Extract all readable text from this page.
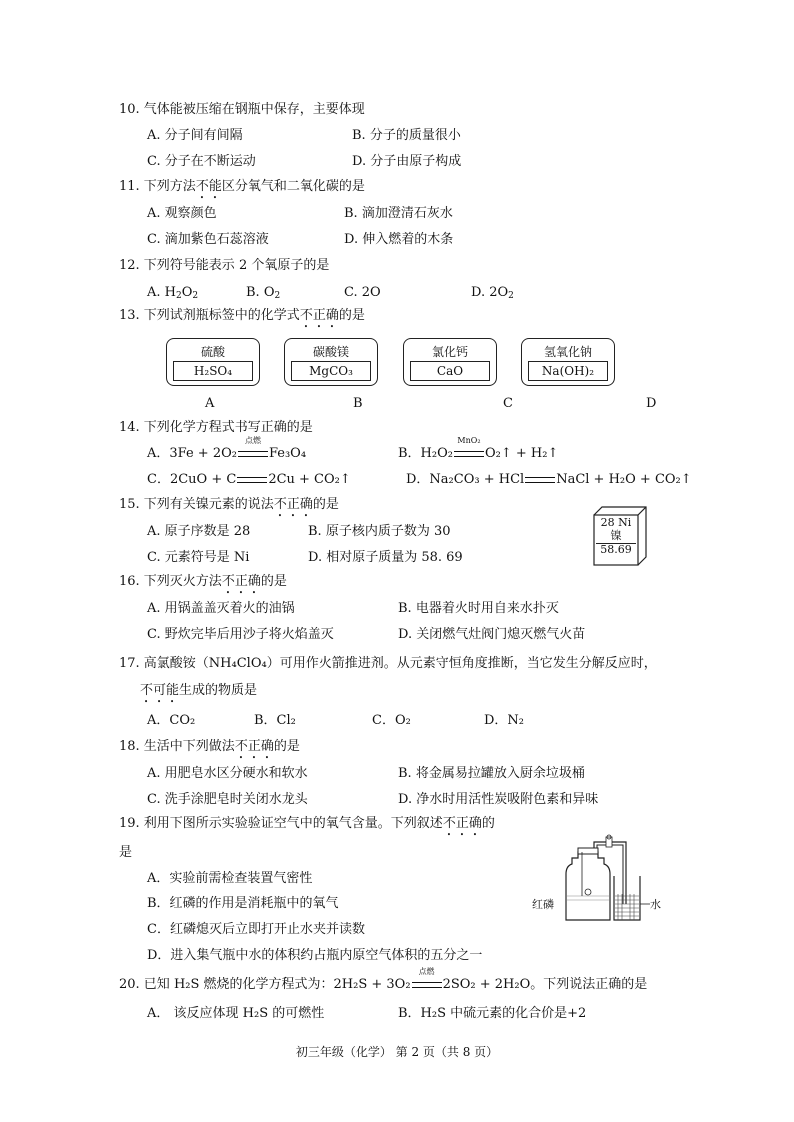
10. 气体能被压缩在钢瓶中保存，主要体现
A. 分子间有间隔	B. 分子的质量很小
C. 分子在不断运动	D. 分子由原子构成
11. 下列方法不能区分氧气和二氧化碳的是
A. 观察颜色	B. 滴加澄清石灰水
C. 滴加紫色石蕊溶液	D. 伸入燃着的木条
12. 下列符号能表示 2 个氧原子的是
A. $H_2O_2$	B. $O_2$	C. 2O	D. $2O_2$
13. 下列试剂瓶标签中的化学式不正确的是
硫酸
H₂SO₄
碳酸镁
MgCO₃
氯化钙
CaO
氢氧化钠
Na(OH)₂
A	B	C	D
14. 下列化学方程式书写正确的是
A．3Fe + 2O₂
点燃
Fe₃O₄	B．H₂O₂
MnO₂
O₂↑ + H₂↑
C．2CuO + C 2Cu + CO₂↑	D．Na₂CO₃ + HCl NaCl + H₂O + CO₂↑
15. 下列有关镍元素的说法不正确的是
A. 原子序数是 28	B. 原子核内质子数为 30
C. 元素符号是 Ni	D. 相对原子质量为 58. 69
28 Ni
镍
58.69
16. 下列灭火方法不正确的是
A. 用锅盖盖灭着火的油锅	B. 电器着火时用自来水扑灭
C. 野炊完毕后用沙子将火焰盖灭	D. 关闭燃气灶阀门熄灭燃气火苗
17. 高氯酸铵（NH₄ClO₄）可用作火箭推进剂。从元素守恒角度推断，当它发生分解反应时，
不可能生成的物质是
A．CO₂	B．Cl₂	C．O₂	D．N₂
18. 生活中下列做法不正确的是
A. 用肥皂水区分硬水和软水	B. 将金属易拉罐放入厨余垃圾桶
C. 洗手涂肥皂时关闭水龙头	D. 净水时用活性炭吸附色素和异味
19. 利用下图所示实验验证空气中的氧气含量。下列叙述不正确的
是
A．实验前需检查装置气密性
B．红磷的作用是消耗瓶中的氧气
C．红磷熄灭后立即打开止水夹并读数
D．进入集气瓶中水的体积约占瓶内原空气体积的五分之一
红磷	水
20. 已知 H₂S 燃烧的化学方程式为：2H₂S + 3O₂
点燃
2SO₂ + 2H₂O。下列说法正确的是
A． 该反应体现 H₂S 的可燃性	B．H₂S 中硫元素的化合价是+2
初三年级（化学） 第 2 页（共 8 页）
